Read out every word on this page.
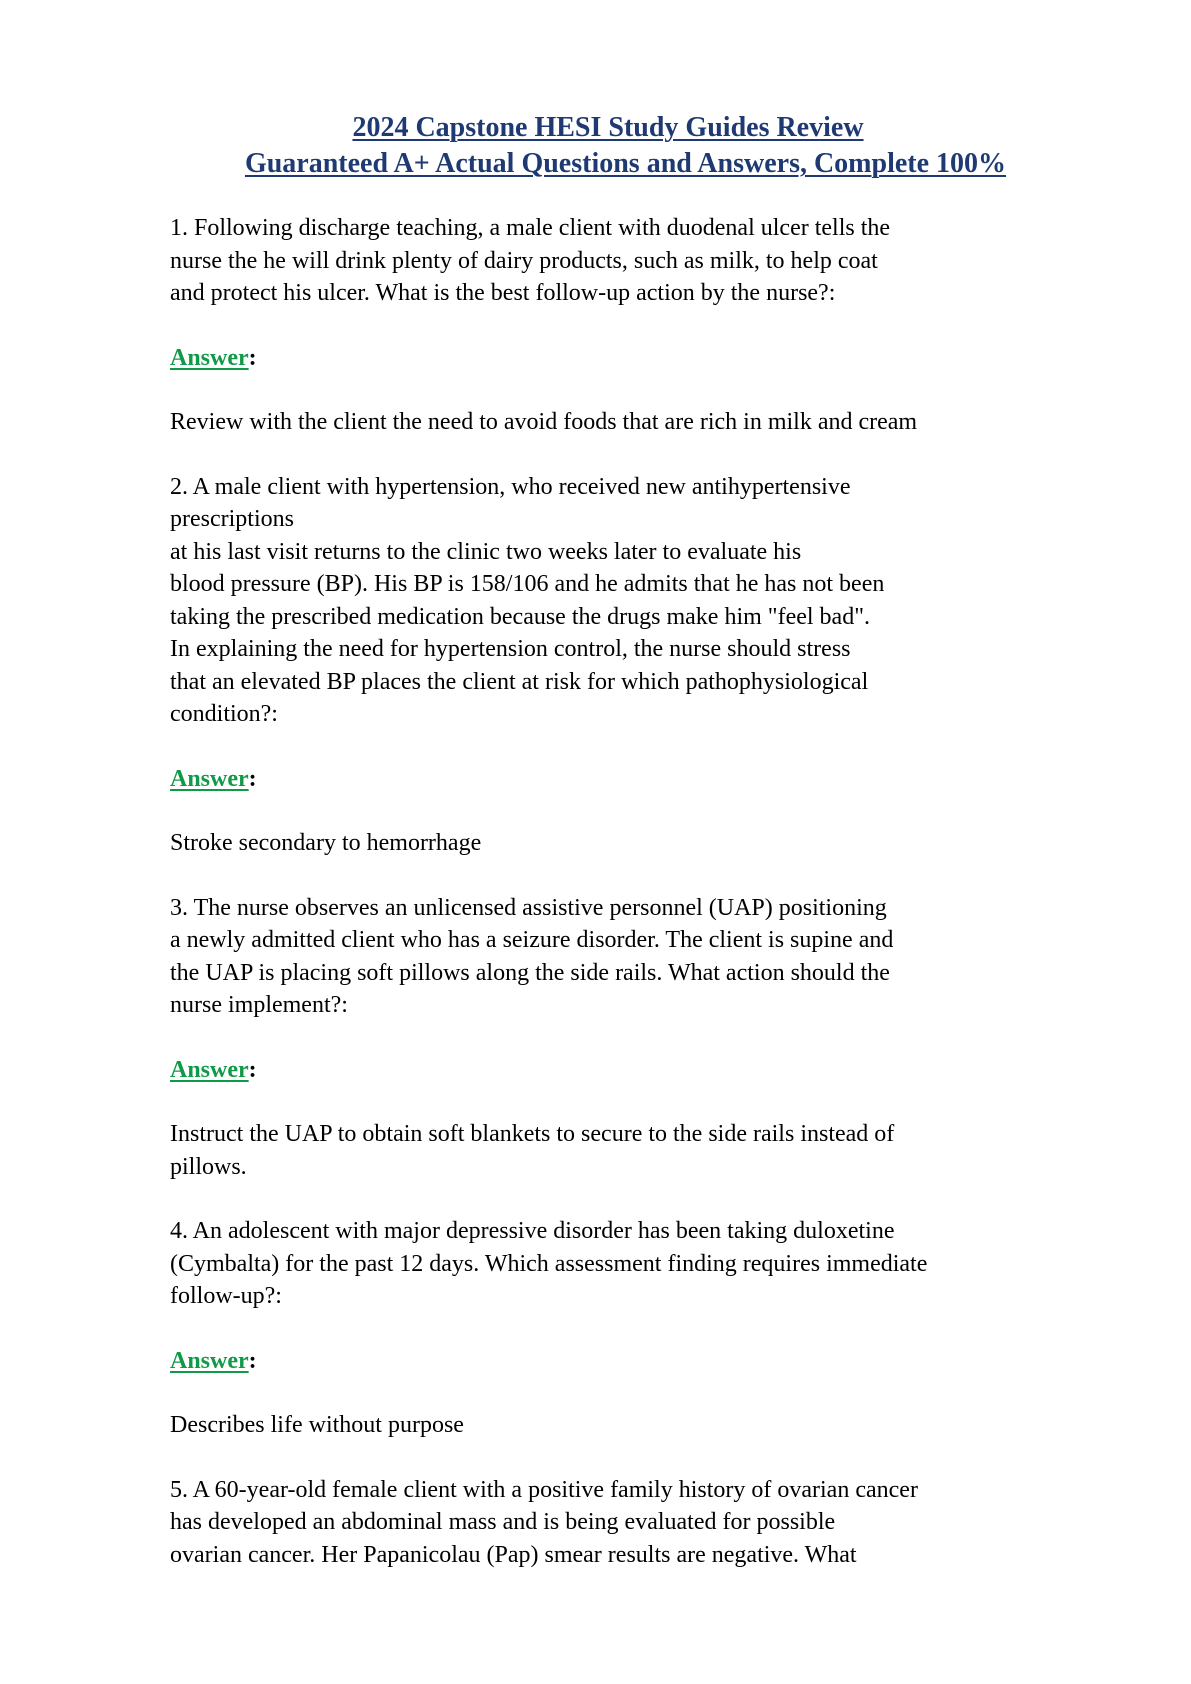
2024 Capstone HESI Study Guides Review
Guaranteed A+ Actual Questions and Answers, Complete 100%
1. Following discharge teaching, a male client with duodenal ulcer tells the
nurse the he will drink plenty of dairy products, such as milk, to help coat
and protect his ulcer. What is the best follow-up action by the nurse?:
Answer:
Review with the client the need to avoid foods that are rich in milk and cream
2. A male client with hypertension, who received new antihypertensive
prescriptions
at his last visit returns to the clinic two weeks later to evaluate his
blood pressure (BP). His BP is 158/106 and he admits that he has not been
taking the prescribed medication because the drugs make him "feel bad".
In explaining the need for hypertension control, the nurse should stress
that an elevated BP places the client at risk for which pathophysiological
condition?:
Answer:
Stroke secondary to hemorrhage
3. The nurse observes an unlicensed assistive personnel (UAP) positioning
a newly admitted client who has a seizure disorder. The client is supine and
the UAP is placing soft pillows along the side rails. What action should the
nurse implement?:
Answer:
Instruct the UAP to obtain soft blankets to secure to the side rails instead of
pillows.
4. An adolescent with major depressive disorder has been taking duloxetine
(Cymbalta) for the past 12 days. Which assessment finding requires immediate
follow-up?:
Answer:
Describes life without purpose
5. A 60-year-old female client with a positive family history of ovarian cancer
has developed an abdominal mass and is being evaluated for possible
ovarian cancer. Her Papanicolau (Pap) smear results are negative. What
